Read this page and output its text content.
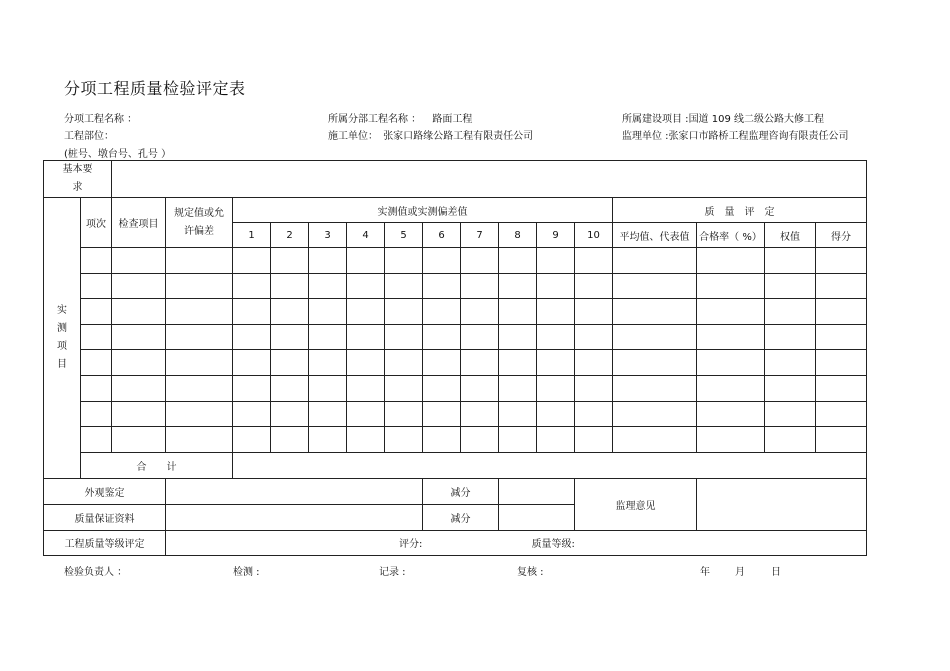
分项工程质量检验评定表
分项工程名称 ：	所属分部工程名称 ： 路面工程	所属建设项目 :国道 109 线二级公路大修工程
工程部位：	施工单位： 张家口路缘公路工程有限责任公司	监理单位 :张家口市路桥工程监理咨询有限责任公司
(桩号、墩台号、孔号 ）
基本要求																	
实测项目	项次	检查项目	规定值或允许偏差	实测值或实测偏差值										质　量　评　定			
				1	2	3	4	5	6	7	8	9	10	平均值、代表值	合格率（ %）	权值	得分

	合　　计																
外观鉴定									减分				监理意见				
质量保证资料									减分								
工程质量等级评定			评分: 质量等级:														
检验负责人 ：	检测 :	记录 :	复核 :	年	月	日
